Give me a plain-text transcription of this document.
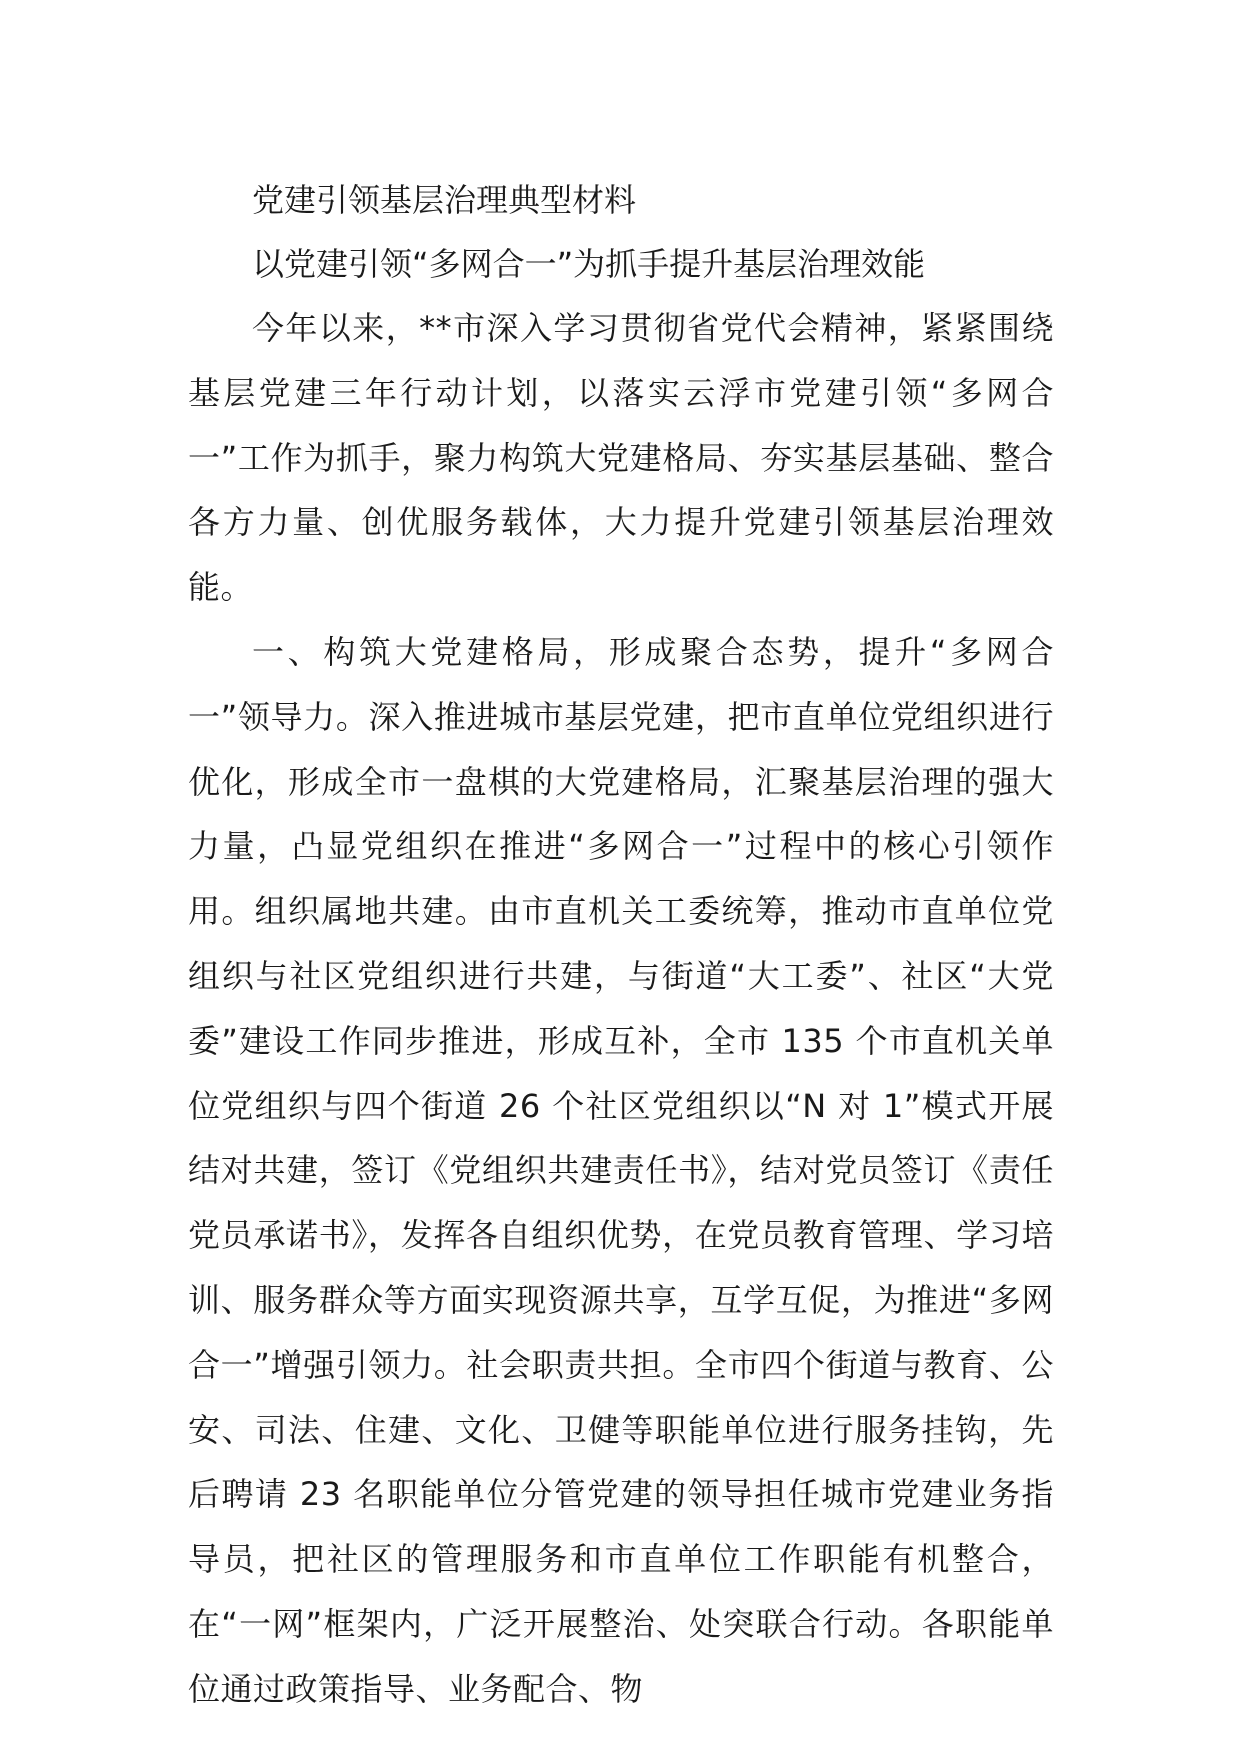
党建引领基层治理典型材料
以党建引领“多网合一”为抓手提升基层治理效能

今年以来，**市深入学习贯彻省党代会精神，紧紧围绕基层党建三年行动计划，以落实云浮市党建引领“多网合一”工作为抓手，聚力构筑大党建格局、夯实基层基础、整合各方力量、创优服务载体，大力提升党建引领基层治理效能。

一、构筑大党建格局，形成聚合态势，提升“多网合一”领导力。深入推进城市基层党建，把市直单位党组织进行优化，形成全市一盘棋的大党建格局，汇聚基层治理的强大力量，凸显党组织在推进“多网合一”过程中的核心引领作用。组织属地共建。由市直机关工委统筹，推动市直单位党组织与社区党组织进行共建，与街道“大工委”、社区“大党委”建设工作同步推进，形成互补，全市 135 个市直机关单位党组织与四个街道 26 个社区党组织以“N 对 1”模式开展结对共建，签订《党组织共建责任书》，结对党员签订《责任党员承诺书》，发挥各自组织优势，在党员教育管理、学习培训、服务群众等方面实现资源共享，互学互促，为推进“多网合一”增强引领力。社会职责共担。全市四个街道与教育、公安、司法、住建、文化、卫健等职能单位进行服务挂钩，先后聘请 23 名职能单位分管党建的领导担任城市党建业务指导员，把社区的管理服务和市直单位工作职能有机整合，在“一网”框架内，广泛开展整治、处突联合行动。各职能单位通过政策指导、业务配合、物
